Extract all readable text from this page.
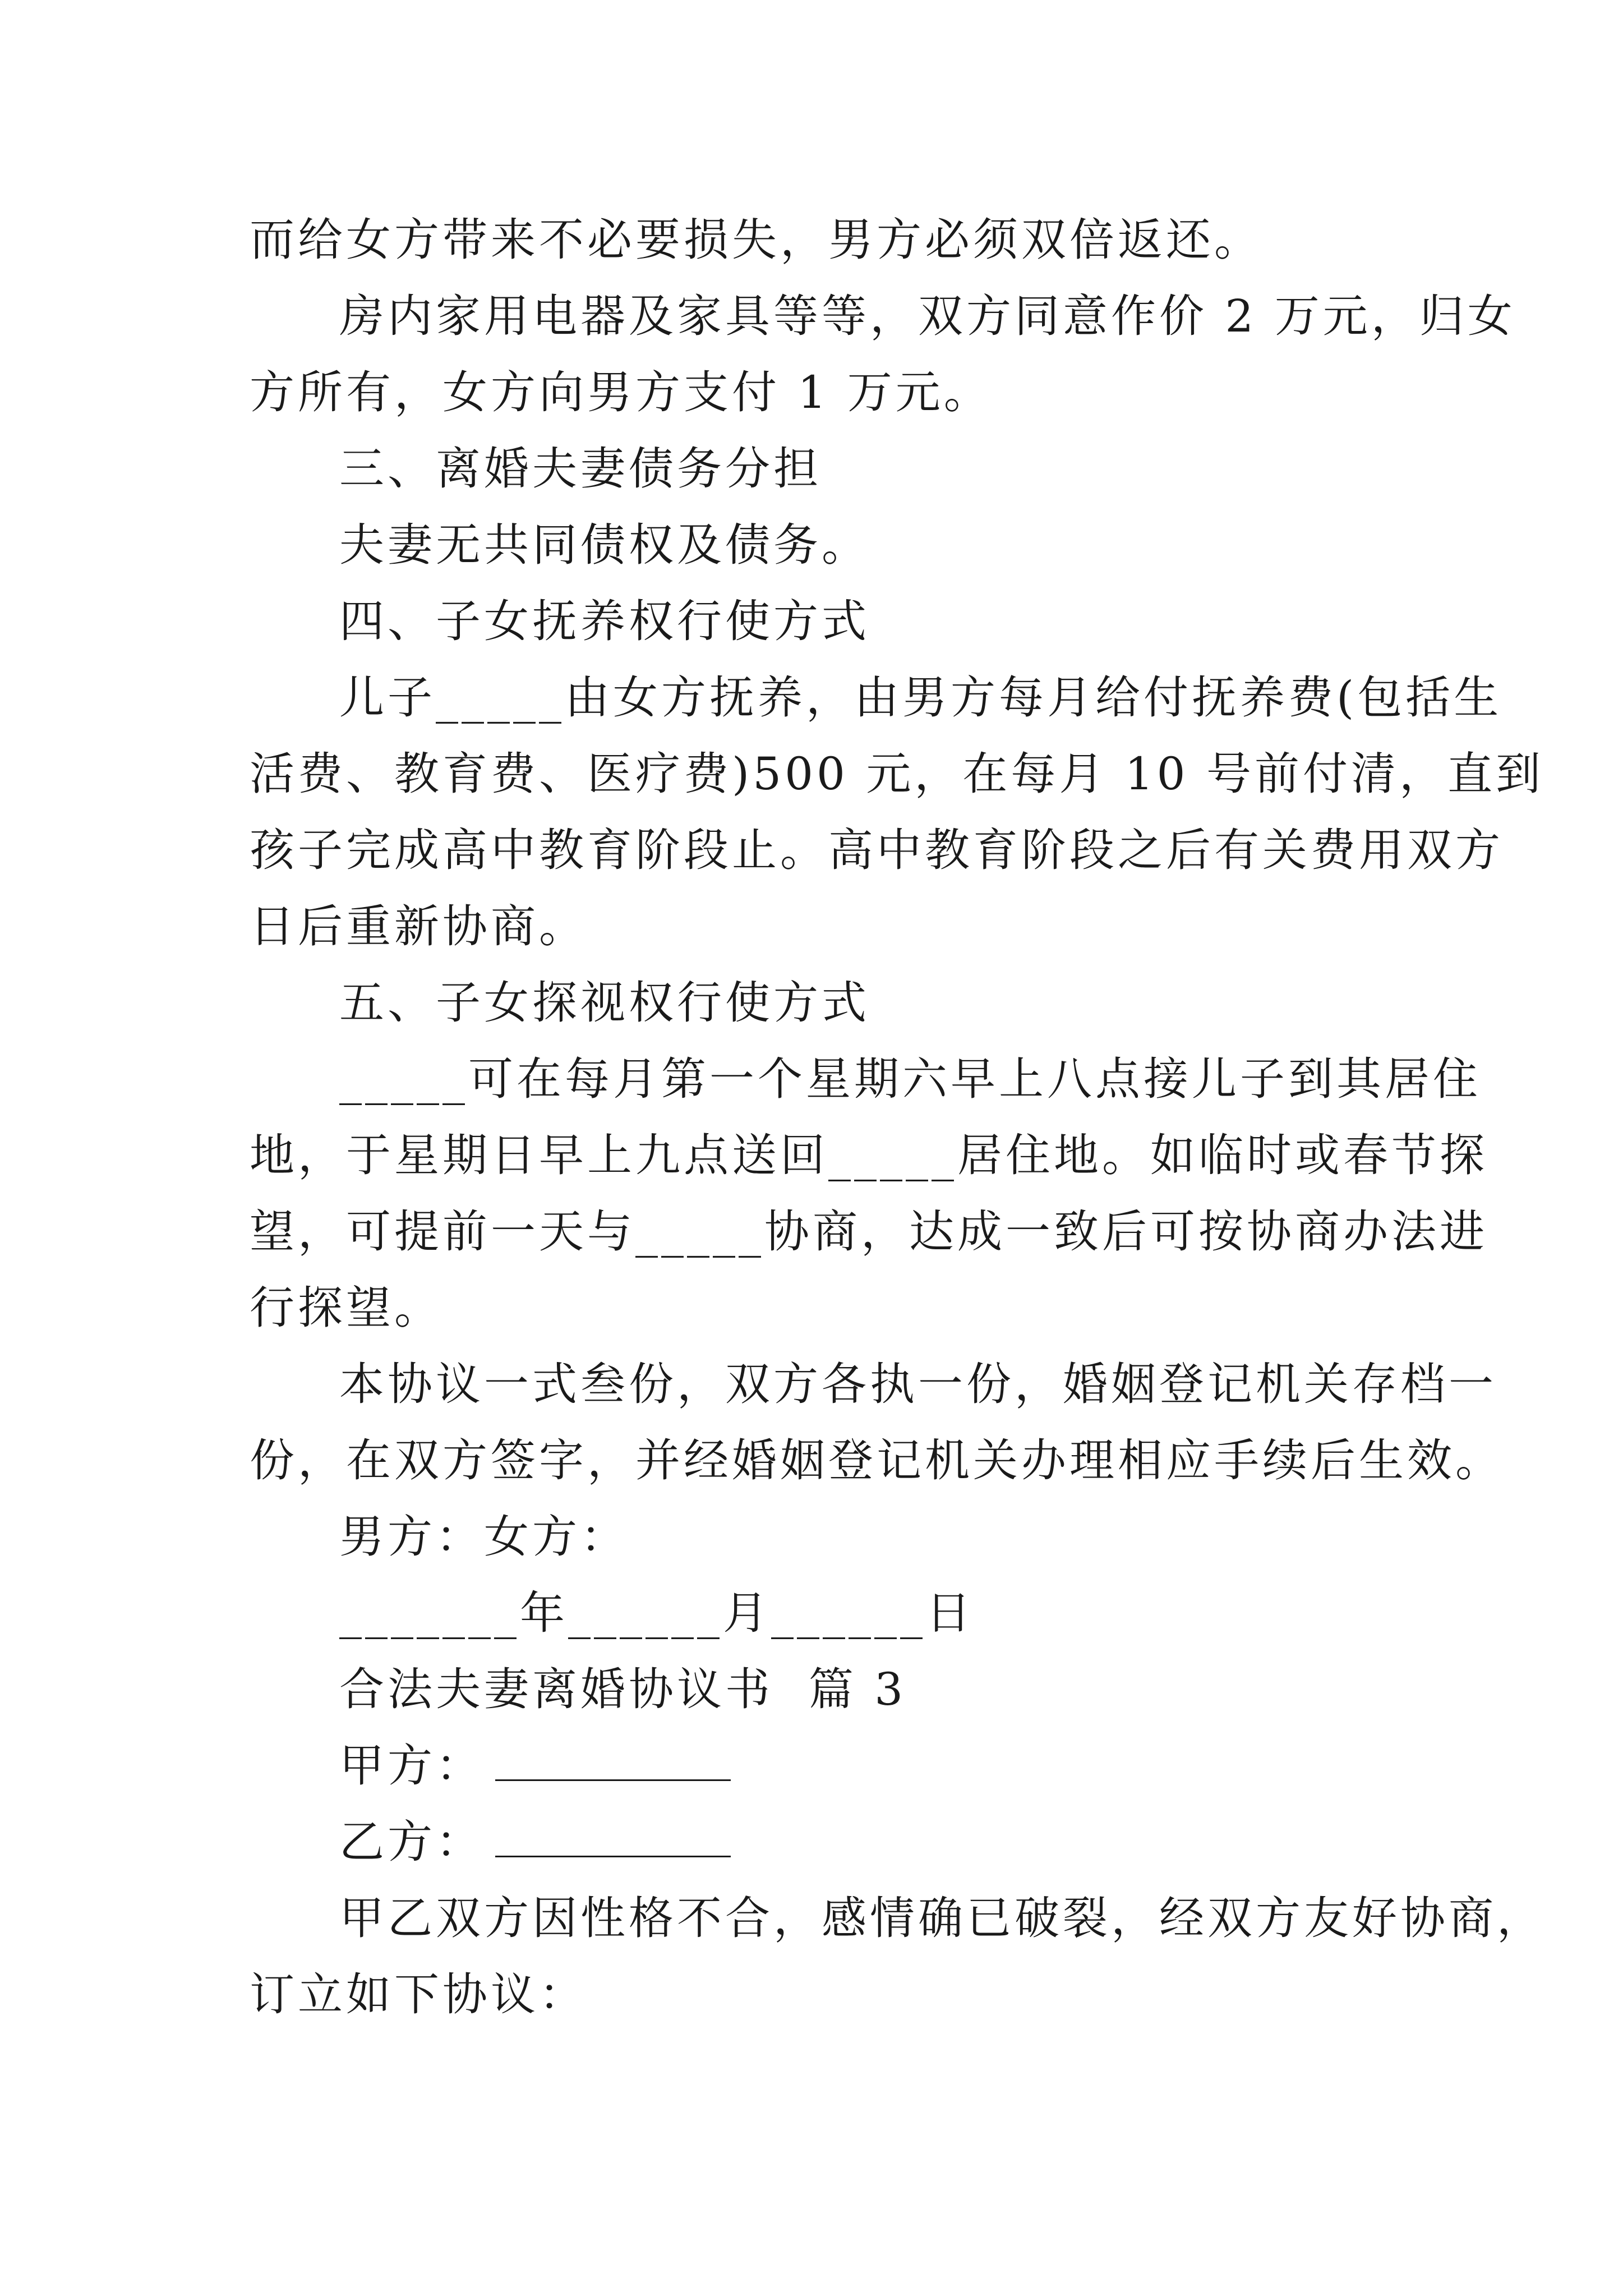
而给女方带来不必要损失，男方必须双倍返还。
房内家用电器及家具等等，双方同意作价 2 万元，归女
方所有，女方向男方支付 1 万元。
三、离婚夫妻债务分担
夫妻无共同债权及债务。
四、子女抚养权行使方式
儿子_____由女方抚养，由男方每月给付抚养费(包括生
活费、教育费、医疗费)500 元，在每月 10 号前付清，直到
孩子完成高中教育阶段止。高中教育阶段之后有关费用双方
日后重新协商。
五、子女探视权行使方式
_____可在每月第一个星期六早上八点接儿子到其居住
地，于星期日早上九点送回_____居住地。如临时或春节探
望，可提前一天与_____协商，达成一致后可按协商办法进
行探望。
本协议一式叁份，双方各执一份，婚姻登记机关存档一
份，在双方签字，并经婚姻登记机关办理相应手续后生效。
男方：女方：
_______年______月______日
合法夫妻离婚协议书  篇 3

甲方：

乙方：

甲乙双方因性格不合，感情确已破裂，经双方友好协商，
订立如下协议：
